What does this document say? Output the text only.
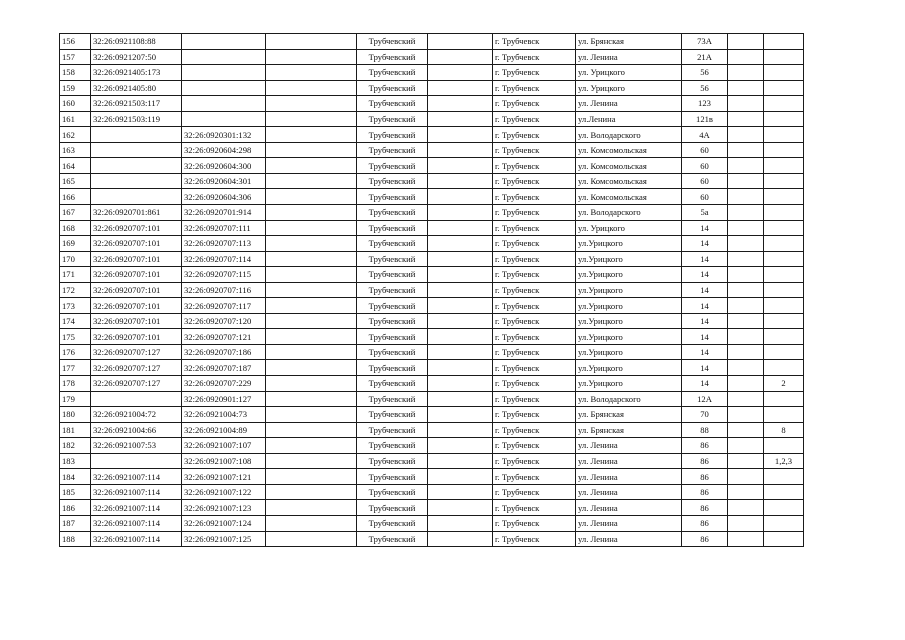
156	32:26:0921108:88			Трубчевский		г. Трубчевск	ул. Брянская	73А		
157	32:26:0921207:50			Трубчевский		г. Трубчевск	ул. Ленина	21А		
158	32:26:0921405:173			Трубчевский		г. Трубчевск	ул. Урицкого	56		
159	32:26:0921405:80			Трубчевский		г. Трубчевск	ул. Урицкого	56		
160	32:26:0921503:117			Трубчевский		г. Трубчевск	ул. Ленина	123		
161	32:26:0921503:119			Трубчевский		г. Трубчевск	ул.Ленина	121в		
162		32:26:0920301:132		Трубчевский		г. Трубчевск	ул. Володарского	4А		
163		32:26:0920604:298		Трубчевский		г. Трубчевск	ул. Комсомольская	60		
164		32:26:0920604:300		Трубчевский		г. Трубчевск	ул. Комсомольская	60		
165		32:26:0920604:301		Трубчевский		г. Трубчевск	ул. Комсомольская	60		
166		32:26:0920604:306		Трубчевский		г. Трубчевск	ул. Комсомольская	60		
167	32:26:0920701:861	32:26:0920701:914		Трубчевский		г. Трубчевск	ул. Володарского	5а		
168	32:26:0920707:101	32:26:0920707:111		Трубчевский		г. Трубчевск	ул. Урицкого	14		
169	32:26:0920707:101	32:26:0920707:113		Трубчевский		г. Трубчевск	ул.Урицкого	14		
170	32:26:0920707:101	32:26:0920707:114		Трубчевский		г. Трубчевск	ул.Урицкого	14		
171	32:26:0920707:101	32:26:0920707:115		Трубчевский		г. Трубчевск	ул.Урицкого	14		
172	32:26:0920707:101	32:26:0920707:116		Трубчевский		г. Трубчевск	ул.Урицкого	14		
173	32:26:0920707:101	32:26:0920707:117		Трубчевский		г. Трубчевск	ул.Урицкого	14		
174	32:26:0920707:101	32:26:0920707:120		Трубчевский		г. Трубчевск	ул.Урицкого	14		
175	32:26:0920707:101	32:26:0920707:121		Трубчевский		г. Трубчевск	ул.Урицкого	14		
176	32:26:0920707:127	32:26:0920707:186		Трубчевский		г. Трубчевск	ул.Урицкого	14		
177	32:26:0920707:127	32:26:0920707:187		Трубчевский		г. Трубчевск	ул.Урицкого	14		
178	32:26:0920707:127	32:26:0920707:229		Трубчевский		г. Трубчевск	ул.Урицкого	14		2
179		32:26:0920901:127		Трубчевский		г. Трубчевск	ул. Володарского	12А		
180	32:26:0921004:72	32:26:0921004:73		Трубчевский		г. Трубчевск	ул. Брянская	70		
181	32:26:0921004:66	32:26:0921004:89		Трубчевский		г. Трубчевск	ул. Брянская	88		8
182	32:26:0921007:53	32:26:0921007:107		Трубчевский		г. Трубчевск	ул. Ленина	86		
183		32:26:0921007:108		Трубчевский		г. Трубчевск	ул. Ленина	86		1,2,3
184	32:26:0921007:114	32:26:0921007:121		Трубчевский		г. Трубчевск	ул. Ленина	86		
185	32:26:0921007:114	32:26:0921007:122		Трубчевский		г. Трубчевск	ул. Ленина	86		
186	32:26:0921007:114	32:26:0921007:123		Трубчевский		г. Трубчевск	ул. Ленина	86		
187	32:26:0921007:114	32:26:0921007:124		Трубчевский		г. Трубчевск	ул. Ленина	86		
188	32:26:0921007:114	32:26:0921007:125		Трубчевский		г. Трубчевск	ул. Ленина	86		
